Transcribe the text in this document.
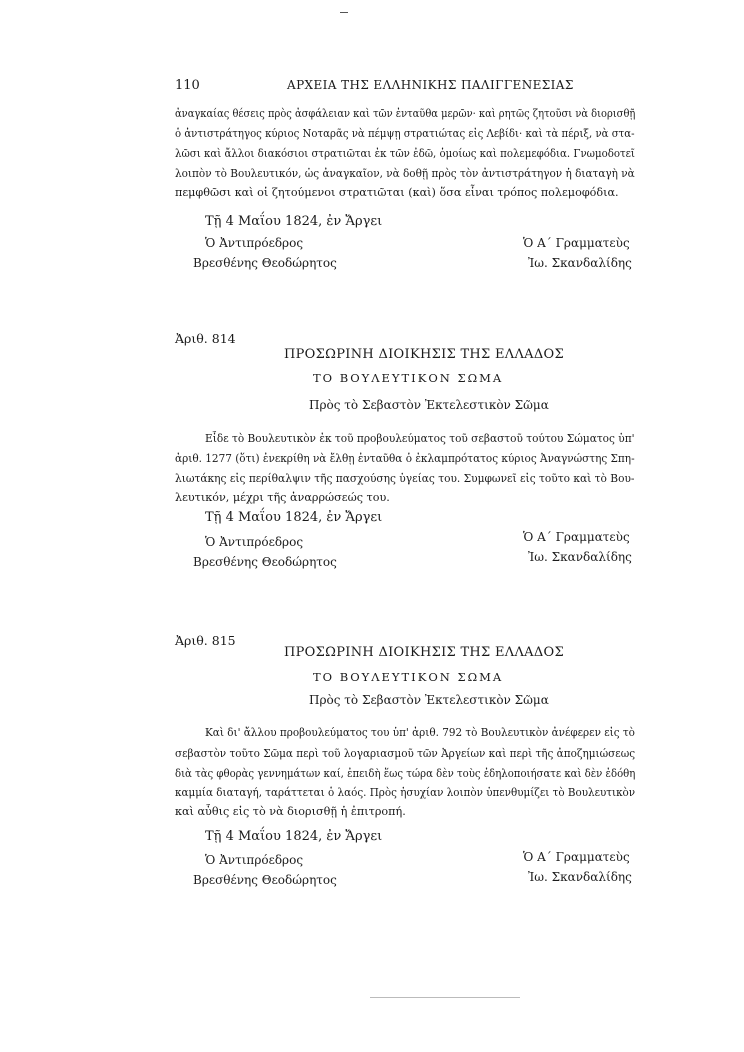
110	ΑΡΧΕΙΑ ΤΗΣ ΕΛΛΗΝΙΚΗΣ ΠΑΛΙΓΓΕΝΕΣΙΑΣ
ἀναγκαίας θέσεις πρὸς ἀσφάλειαν καὶ τῶν ἐνταῦθα μερῶν· καὶ ρητῶς ζητοῦσι νὰ διορισθῇ
ὁ ἀντιστράτηγος κύριος Νοταρᾶς νὰ πέμψῃ στρατιώτας εἰς Λεβίδι· καὶ τὰ πέριξ, νὰ στα-
λῶσι καὶ ἄλλοι διακόσιοι στρατιῶται ἐκ τῶν ἐδῶ, ὁμοίως καὶ πολεμεφόδια. Γνωμοδοτεῖ
λοιπὸν τὸ Βουλευτικόν, ὡς ἀναγκαῖον, νὰ δοθῇ πρὸς τὸν ἀντιστράτηγον ἡ διαταγὴ νὰ
πεμφθῶσι καὶ οἱ ζητούμενοι στρατιῶται (καὶ) ὅσα εἶναι τρόπος πολεμοφόδια.
Τῇ 4 Μαΐου 1824, ἐν Ἄργει
Ὁ Ἀντιπρόεδρος
Βρεσθένης Θεοδώρητος
Ὁ Α΄ Γραμματεὺς
Ἰω. Σκανδαλίδης
Ἀριθ. 814
ΠΡΟΣΩΡΙΝΗ ΔΙΟΙΚΗΣΙΣ ΤΗΣ ΕΛΛΑΔΟΣ
ΤΟ ΒΟΥΛΕΥΤΙΚΟΝ ΣΩΜΑ
Πρὸς τὸ Σεβαστὸν Ἐκτελεστικὸν Σῶμα
Εἶδε τὸ Βουλευτικὸν ἐκ τοῦ προβουλεύματος τοῦ σεβαστοῦ τούτου Σώματος ὑπ'
ἀριθ. 1277 (ὅτι) ἐνεκρίθη νὰ ἔλθῃ ἐνταῦθα ὁ ἐκλαμπρότατος κύριος Ἀναγνώστης Σπη-
λιωτάκης εἰς περίθαλψιν τῆς πασχούσης ὑγείας του. Συμφωνεῖ εἰς τοῦτο καὶ τὸ Βου-
λευτικόν, μέχρι τῆς ἀναρρώσεώς του.
Τῇ 4 Μαΐου 1824, ἐν Ἄργει
Ὁ Ἀντιπρόεδρος
Βρεσθένης Θεοδώρητος
Ὁ Α΄ Γραμματεὺς
Ἰω. Σκανδαλίδης
Ἀριθ. 815
ΠΡΟΣΩΡΙΝΗ ΔΙΟΙΚΗΣΙΣ ΤΗΣ ΕΛΛΑΔΟΣ
ΤΟ ΒΟΥΛΕΥΤΙΚΟΝ ΣΩΜΑ
Πρὸς τὸ Σεβαστὸν Ἐκτελεστικὸν Σῶμα
Καὶ δι' ἄλλου προβουλεύματος του ὑπ' ἀριθ. 792 τὸ Βουλευτικὸν ἀνέφερεν εἰς τὸ
σεβαστὸν τοῦτο Σῶμα περὶ τοῦ λογαριασμοῦ τῶν Ἀργείων καὶ περὶ τῆς ἀποζημιώσεως
διὰ τὰς φθορὰς γεννημάτων καί, ἐπειδὴ ἕως τώρα δὲν τοὺς ἐδηλοποιήσατε καὶ δὲν ἐδόθη
καμμία διαταγή, ταράττεται ὁ λαός. Πρὸς ἡσυχίαν λοιπὸν ὑπενθυμίζει τὸ Βουλευτικὸν
καὶ αὖθις εἰς τὸ νὰ διορισθῇ ἡ ἐπιτροπή.
Τῇ 4 Μαΐου 1824, ἐν Ἄργει
Ὁ Ἀντιπρόεδρος
Βρεσθένης Θεοδώρητος
Ὁ Α΄ Γραμματεὺς
Ἰω. Σκανδαλίδης
